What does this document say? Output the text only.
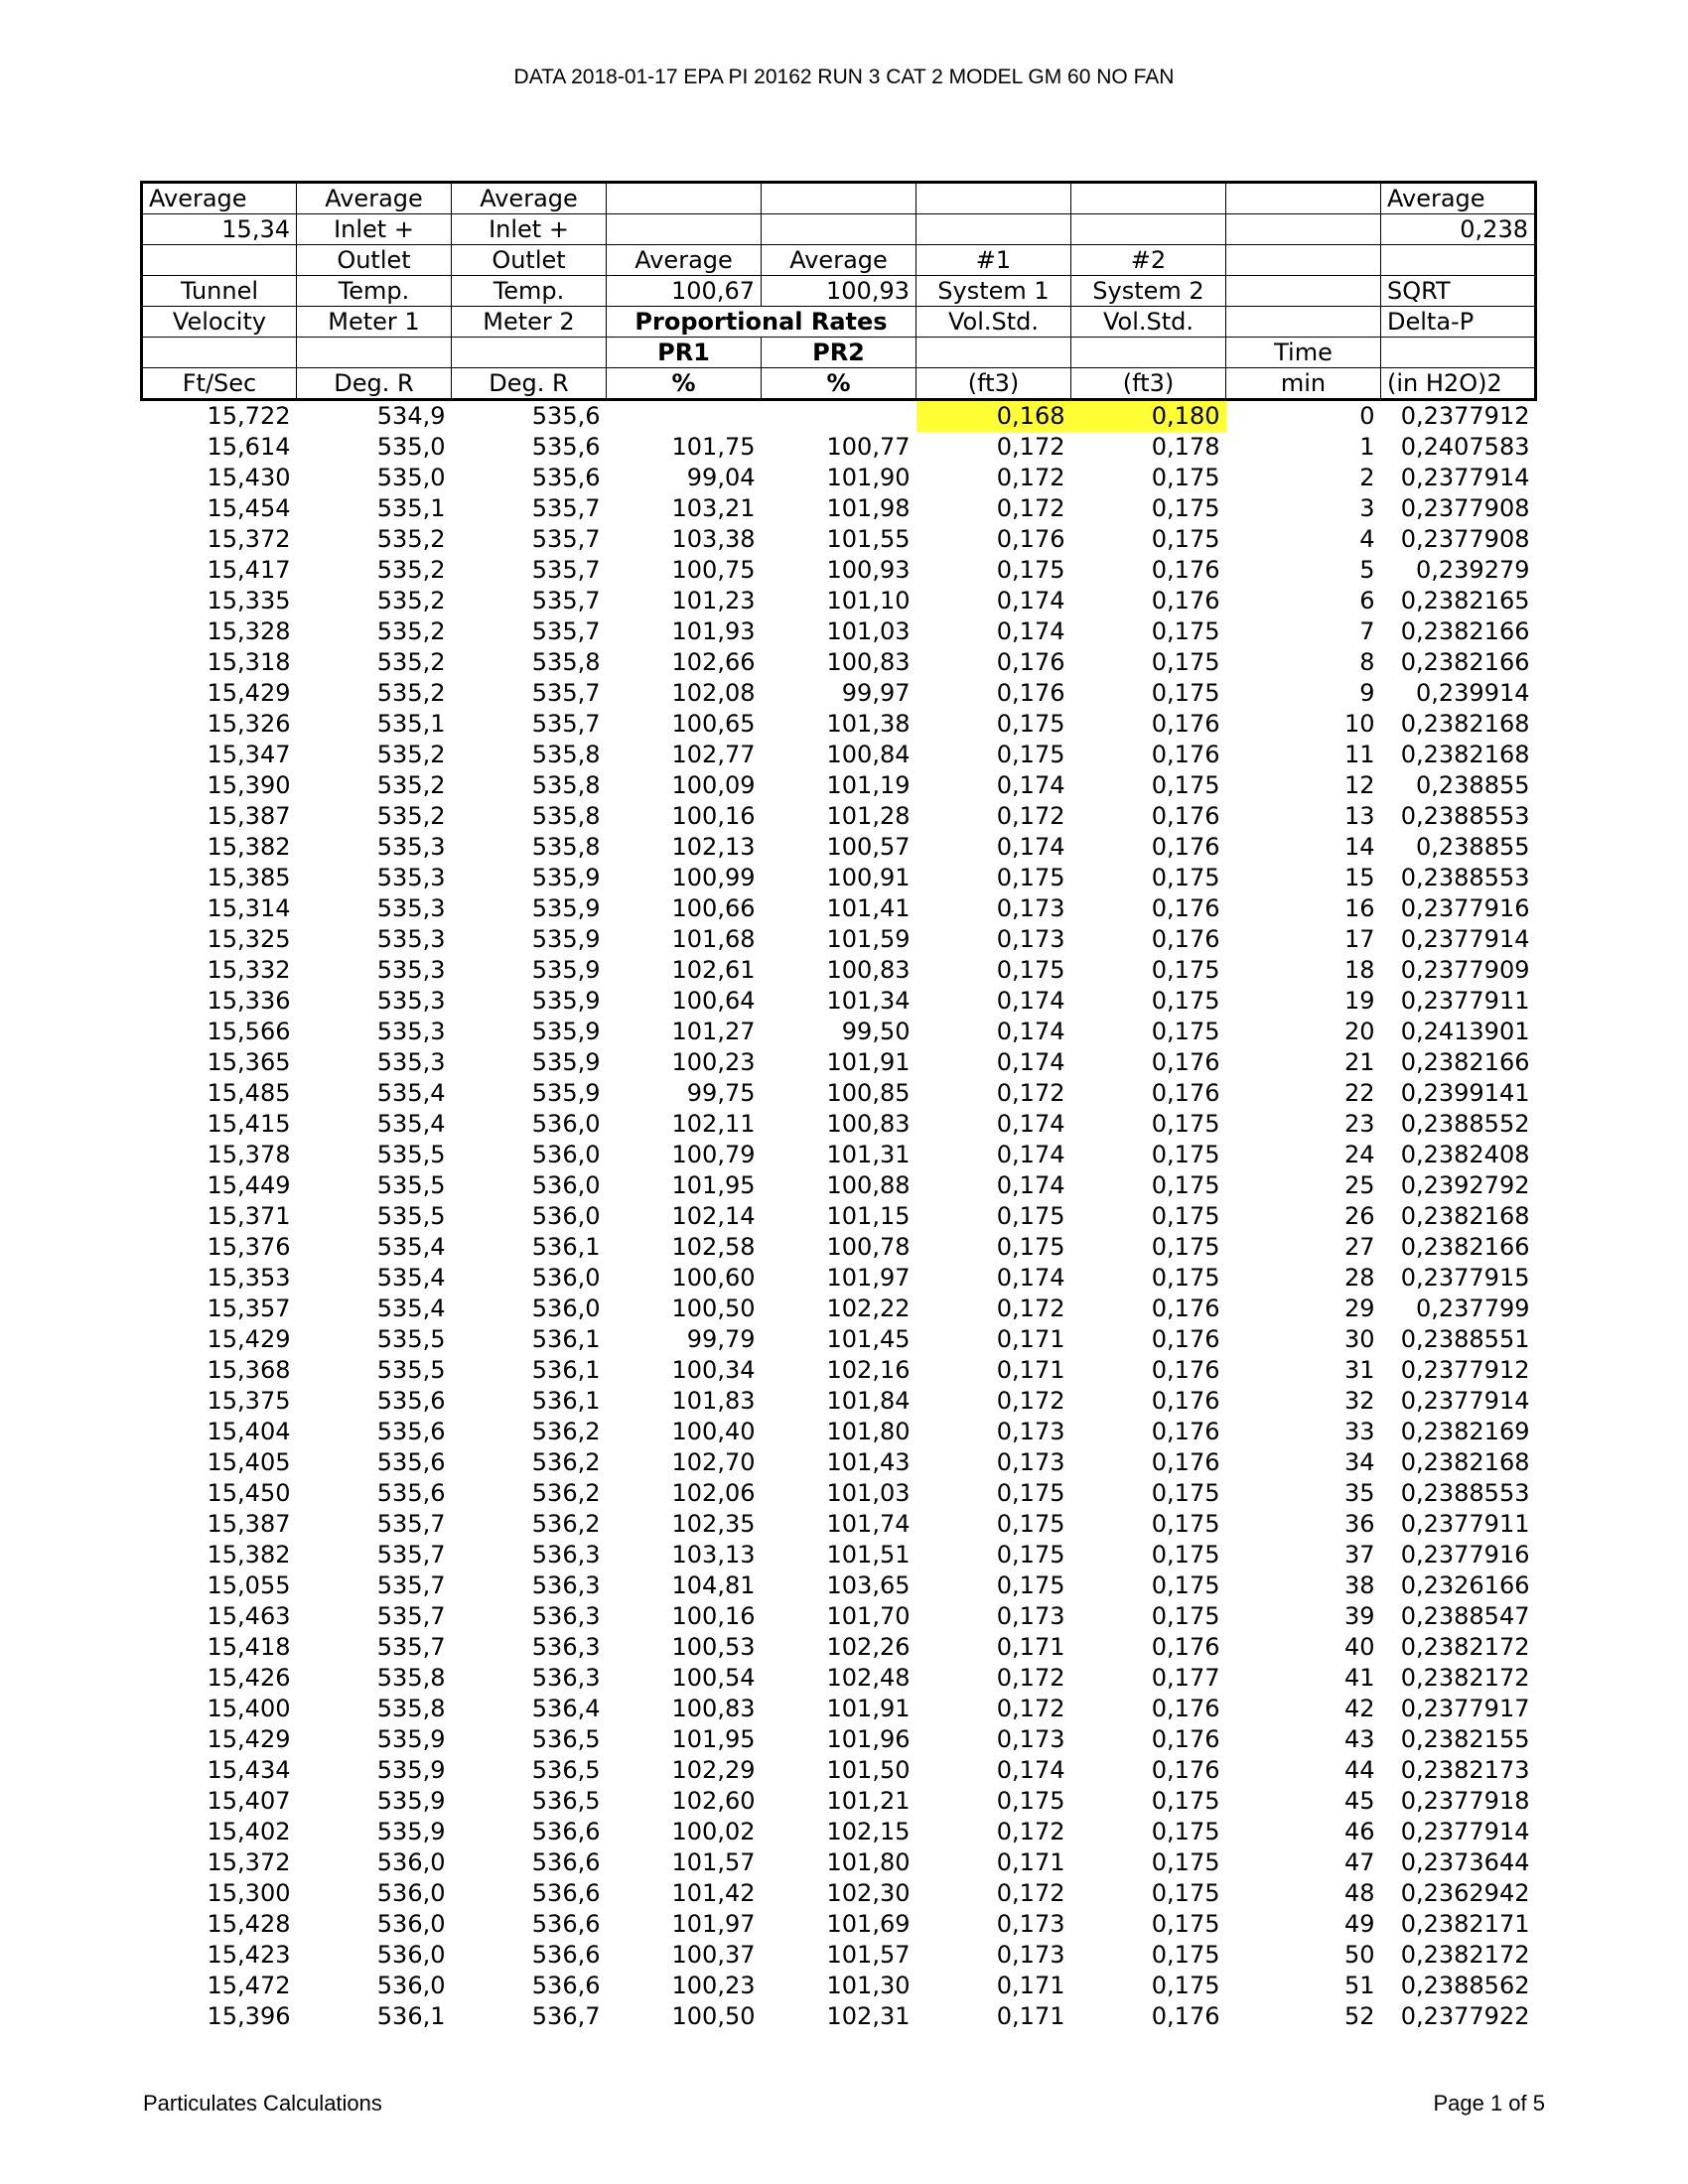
DATA 2018-01-17 EPA PI 20162 RUN 3 CAT 2 MODEL GM 60 NO FAN
Average	Average	Average						Average
15,34	Inlet +	Inlet +						0,238
	Outlet	Outlet	Average	Average	#1	#2		
Tunnel	Temp.	Temp.	100,67	100,93	System 1	System 2		SQRT
Velocity	Meter 1	Meter 2	Proportional Rates		Vol.Std.	Vol.Std.		Delta-P
			PR1	PR2			Time	
Ft/Sec	Deg. R	Deg. R	%	%	(ft3)	(ft3)	min	(in H2O)2
15,722	534,9	535,6			0,168	0,180	0	0,2377912
15,614	535,0	535,6	101,75	100,77	0,172	0,178	1	0,2407583
15,430	535,0	535,6	99,04	101,90	0,172	0,175	2	0,2377914
15,454	535,1	535,7	103,21	101,98	0,172	0,175	3	0,2377908
15,372	535,2	535,7	103,38	101,55	0,176	0,175	4	0,2377908
15,417	535,2	535,7	100,75	100,93	0,175	0,176	5	0,239279
15,335	535,2	535,7	101,23	101,10	0,174	0,176	6	0,2382165
15,328	535,2	535,7	101,93	101,03	0,174	0,175	7	0,2382166
15,318	535,2	535,8	102,66	100,83	0,176	0,175	8	0,2382166
15,429	535,2	535,7	102,08	99,97	0,176	0,175	9	0,239914
15,326	535,1	535,7	100,65	101,38	0,175	0,176	10	0,2382168
15,347	535,2	535,8	102,77	100,84	0,175	0,176	11	0,2382168
15,390	535,2	535,8	100,09	101,19	0,174	0,175	12	0,238855
15,387	535,2	535,8	100,16	101,28	0,172	0,176	13	0,2388553
15,382	535,3	535,8	102,13	100,57	0,174	0,176	14	0,238855
15,385	535,3	535,9	100,99	100,91	0,175	0,175	15	0,2388553
15,314	535,3	535,9	100,66	101,41	0,173	0,176	16	0,2377916
15,325	535,3	535,9	101,68	101,59	0,173	0,176	17	0,2377914
15,332	535,3	535,9	102,61	100,83	0,175	0,175	18	0,2377909
15,336	535,3	535,9	100,64	101,34	0,174	0,175	19	0,2377911
15,566	535,3	535,9	101,27	99,50	0,174	0,175	20	0,2413901
15,365	535,3	535,9	100,23	101,91	0,174	0,176	21	0,2382166
15,485	535,4	535,9	99,75	100,85	0,172	0,176	22	0,2399141
15,415	535,4	536,0	102,11	100,83	0,174	0,175	23	0,2388552
15,378	535,5	536,0	100,79	101,31	0,174	0,175	24	0,2382408
15,449	535,5	536,0	101,95	100,88	0,174	0,175	25	0,2392792
15,371	535,5	536,0	102,14	101,15	0,175	0,175	26	0,2382168
15,376	535,4	536,1	102,58	100,78	0,175	0,175	27	0,2382166
15,353	535,4	536,0	100,60	101,97	0,174	0,175	28	0,2377915
15,357	535,4	536,0	100,50	102,22	0,172	0,176	29	0,237799
15,429	535,5	536,1	99,79	101,45	0,171	0,176	30	0,2388551
15,368	535,5	536,1	100,34	102,16	0,171	0,176	31	0,2377912
15,375	535,6	536,1	101,83	101,84	0,172	0,176	32	0,2377914
15,404	535,6	536,2	100,40	101,80	0,173	0,176	33	0,2382169
15,405	535,6	536,2	102,70	101,43	0,173	0,176	34	0,2382168
15,450	535,6	536,2	102,06	101,03	0,175	0,175	35	0,2388553
15,387	535,7	536,2	102,35	101,74	0,175	0,175	36	0,2377911
15,382	535,7	536,3	103,13	101,51	0,175	0,175	37	0,2377916
15,055	535,7	536,3	104,81	103,65	0,175	0,175	38	0,2326166
15,463	535,7	536,3	100,16	101,70	0,173	0,175	39	0,2388547
15,418	535,7	536,3	100,53	102,26	0,171	0,176	40	0,2382172
15,426	535,8	536,3	100,54	102,48	0,172	0,177	41	0,2382172
15,400	535,8	536,4	100,83	101,91	0,172	0,176	42	0,2377917
15,429	535,9	536,5	101,95	101,96	0,173	0,176	43	0,2382155
15,434	535,9	536,5	102,29	101,50	0,174	0,176	44	0,2382173
15,407	535,9	536,5	102,60	101,21	0,175	0,175	45	0,2377918
15,402	535,9	536,6	100,02	102,15	0,172	0,175	46	0,2377914
15,372	536,0	536,6	101,57	101,80	0,171	0,175	47	0,2373644
15,300	536,0	536,6	101,42	102,30	0,172	0,175	48	0,2362942
15,428	536,0	536,6	101,97	101,69	0,173	0,175	49	0,2382171
15,423	536,0	536,6	100,37	101,57	0,173	0,175	50	0,2382172
15,472	536,0	536,6	100,23	101,30	0,171	0,175	51	0,2388562
15,396	536,1	536,7	100,50	102,31	0,171	0,176	52	0,2377922
Particulates Calculations	Page 1 of 5
